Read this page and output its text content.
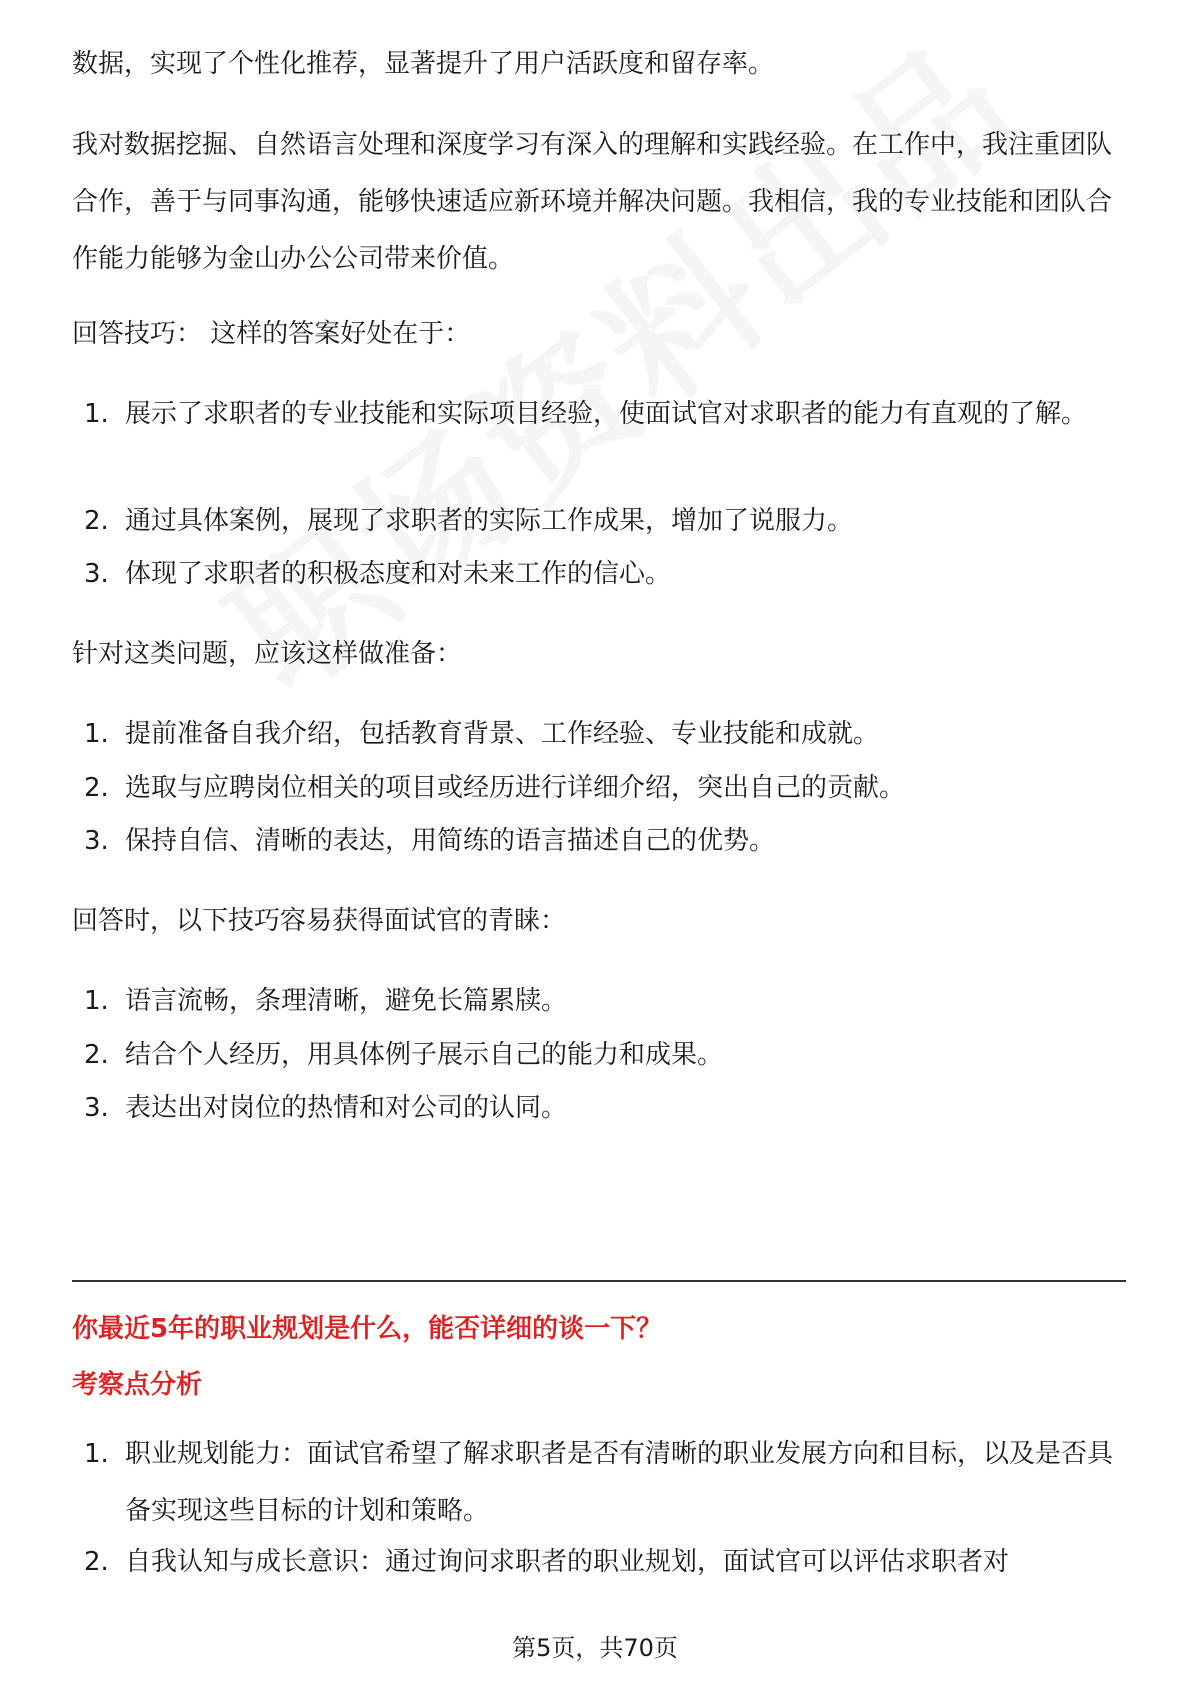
数据，实现了个性化推荐，显著提升了用户活跃度和留存率。
我对数据挖掘、自然语言处理和深度学习有深入的理解和实践经验。在工作中，我注重团队合作，善于与同事沟通，能够快速适应新环境并解决问题。我相信，我的专业技能和团队合作能力能够为金山办公公司带来价值。
回答技巧： 这样的答案好处在于：
1. 展示了求职者的专业技能和实际项目经验，使面试官对求职者的能力有直观的了解。
2. 通过具体案例，展现了求职者的实际工作成果，增加了说服力。
3. 体现了求职者的积极态度和对未来工作的信心。
针对这类问题，应该这样做准备：
1. 提前准备自我介绍，包括教育背景、工作经验、专业技能和成就。
2. 选取与应聘岗位相关的项目或经历进行详细介绍，突出自己的贡献。
3. 保持自信、清晰的表达，用简练的语言描述自己的优势。
回答时，以下技巧容易获得面试官的青睐：
1. 语言流畅，条理清晰，避免长篇累牍。
2. 结合个人经历，用具体例子展示自己的能力和成果。
3. 表达出对岗位的热情和对公司的认同。
你最近5年的职业规划是什么，能否详细的谈一下？
考察点分析
1. 职业规划能力：面试官希望了解求职者是否有清晰的职业发展方向和目标，以及是否具备实现这些目标的计划和策略。
2. 自我认知与成长意识：通过询问求职者的职业规划，面试官可以评估求职者对
第5页，共70页
